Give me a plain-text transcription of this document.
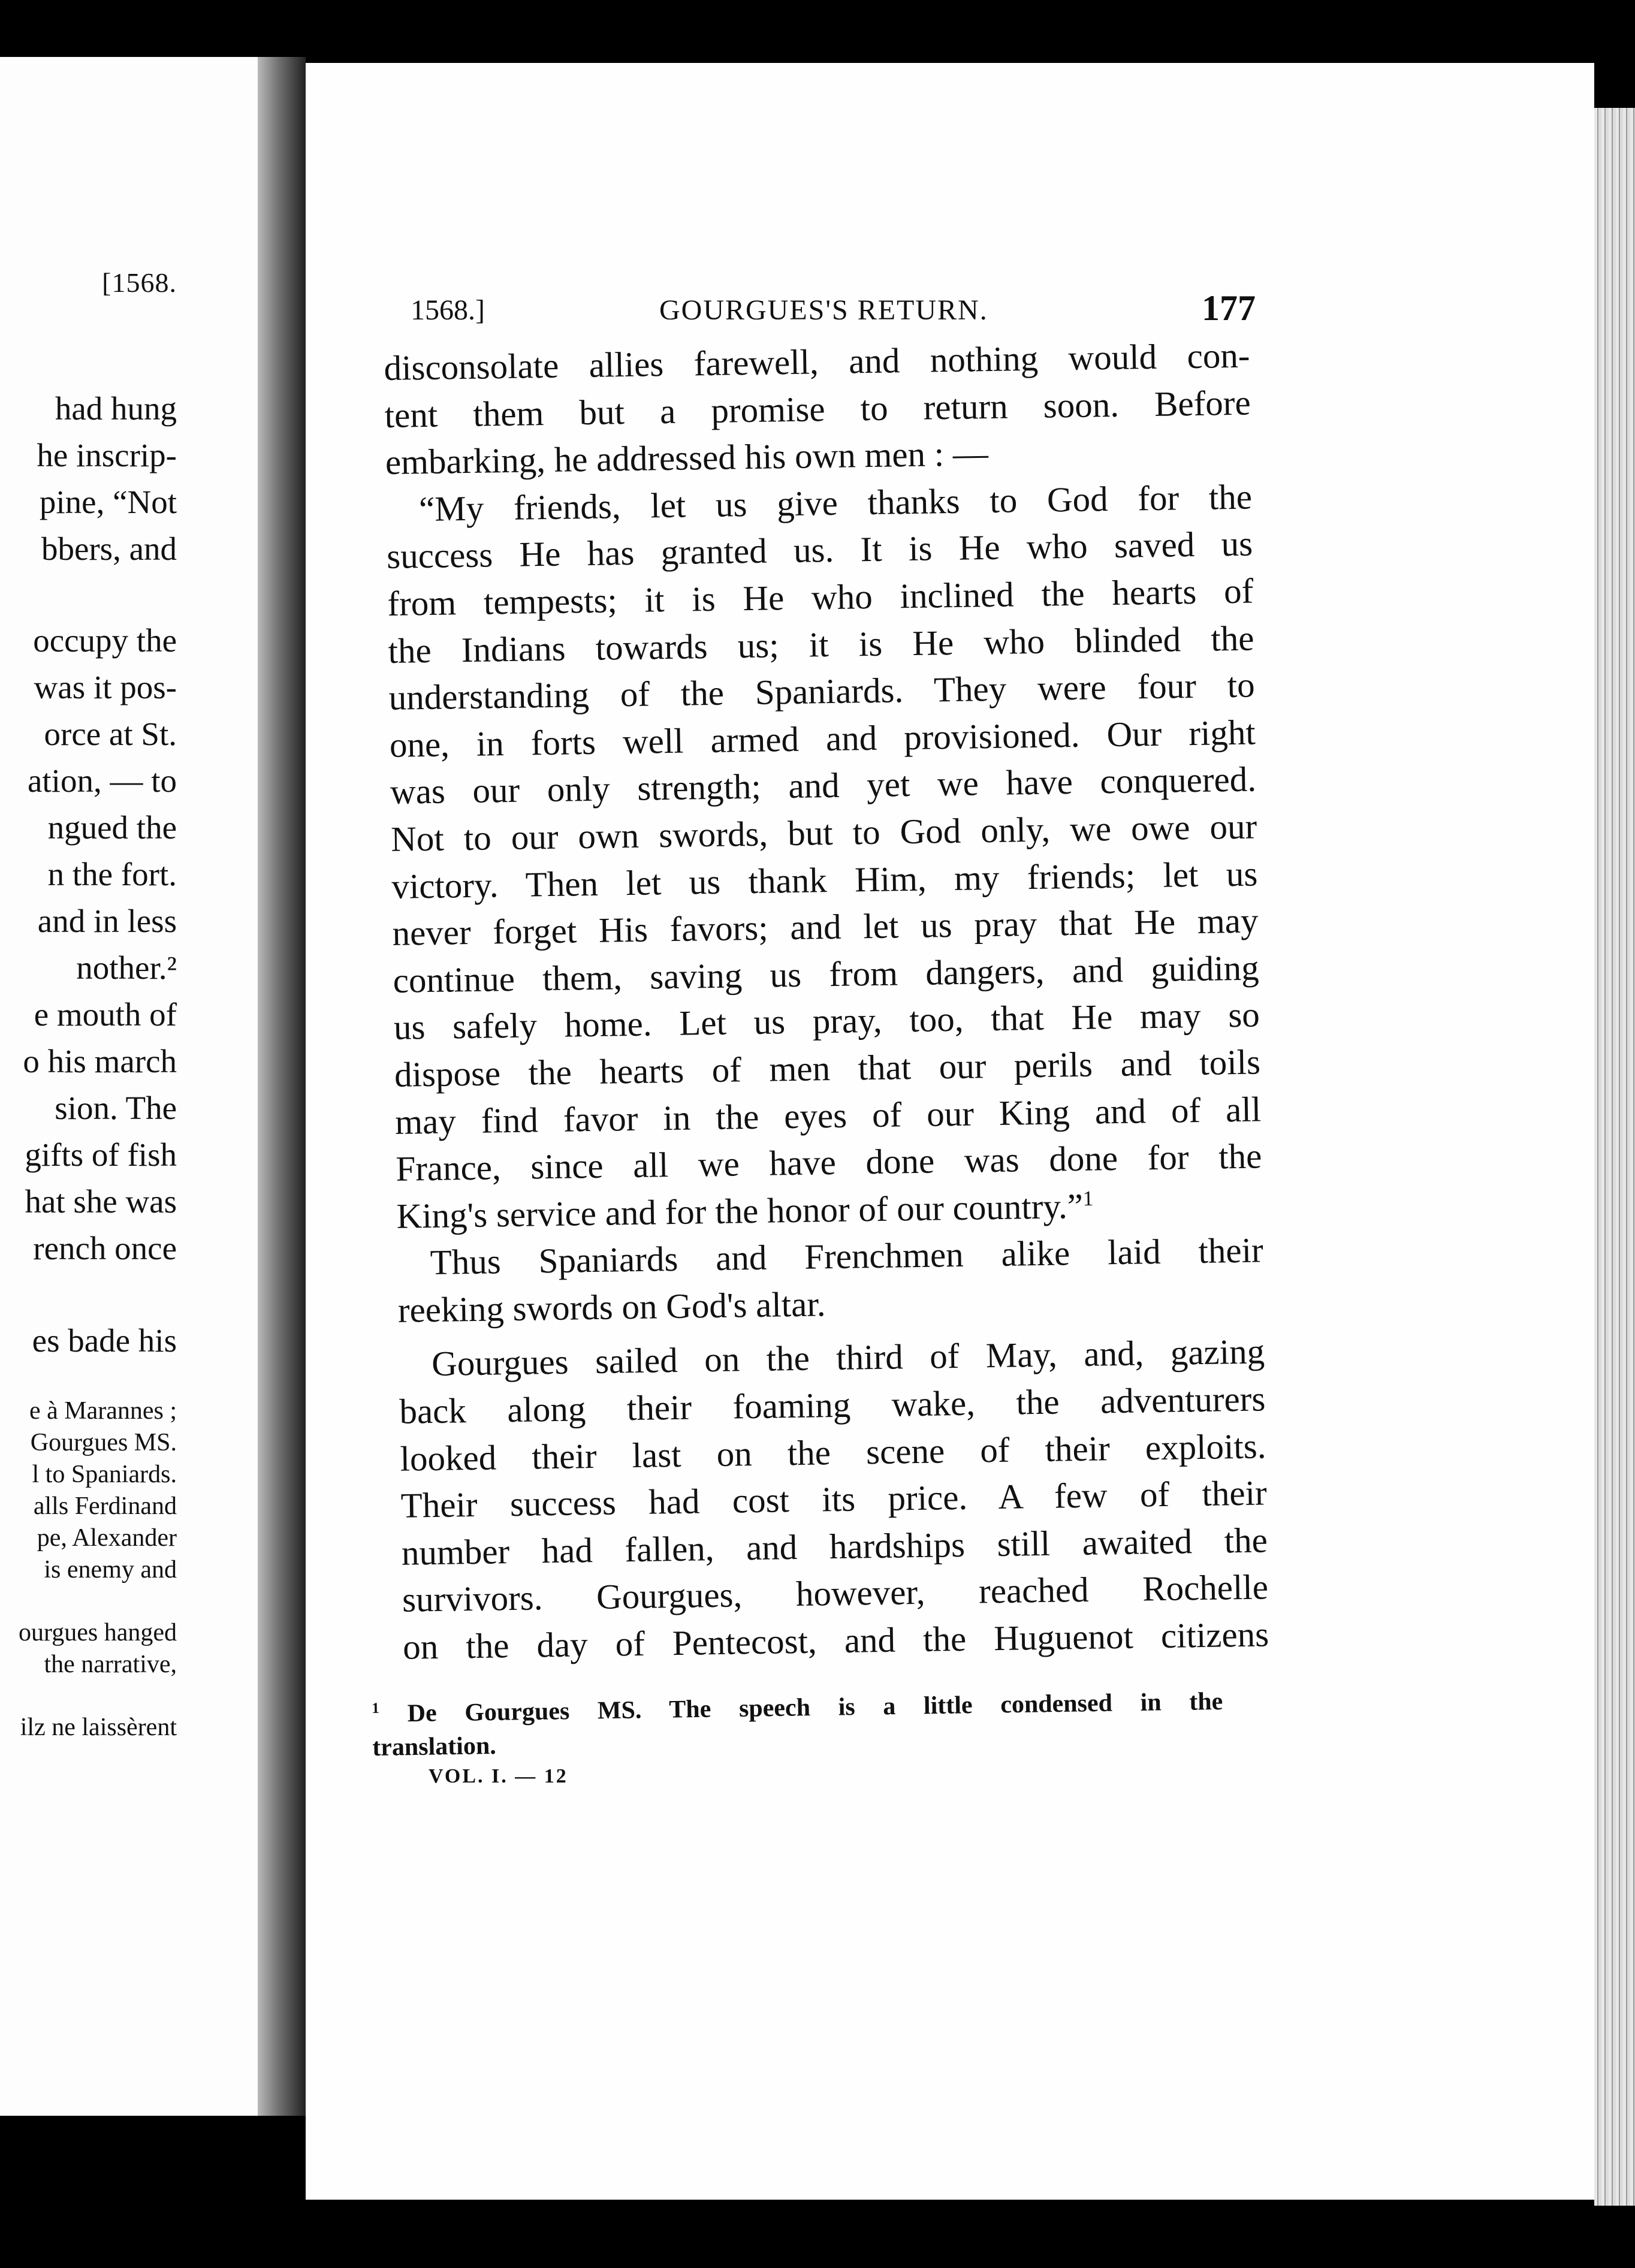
[1568.
had hung
he inscrip-
pine, “Not
bbers, and
occupy the
was it pos-
orce at St.
ation, — to
ngued the
n the fort.
and in less
nother.²
e mouth of
o his march
sion. The
gifts of fish
hat she was
rench once
es bade his
e à Marannes ;
Gourgues MS.
l to Spaniards.
alls Ferdinand
pe, Alexander
is enemy and
ourgues hanged
the narrative,
ilz ne laissèrent
1568.]	GOURGUES'S RETURN.	177
disconsolate allies farewell, and nothing would con-
tent them but a promise to return soon. Before
embarking, he addressed his own men : —
“My friends, let us give thanks to God for the
success He has granted us. It is He who saved us
from tempests; it is He who inclined the hearts of
the Indians towards us; it is He who blinded the
understanding of the Spaniards. They were four to
one, in forts well armed and provisioned. Our right
was our only strength; and yet we have conquered.
Not to our own swords, but to God only, we owe our
victory. Then let us thank Him, my friends; let us
never forget His favors; and let us pray that He may
continue them, saving us from dangers, and guiding
us safely home. Let us pray, too, that He may so
dispose the hearts of men that our perils and toils
may find favor in the eyes of our King and of all
France, since all we have done was done for the
King's service and for the honor of our country.”$^1$
Thus Spaniards and Frenchmen alike laid their
reeking swords on God's altar.
Gourgues sailed on the third of May, and, gazing
back along their foaming wake, the adventurers
looked their last on the scene of their exploits.
Their success had cost its price. A few of their
number had fallen, and hardships still awaited the
survivors. Gourgues, however, reached Rochelle
on the day of Pentecost, and the Huguenot citizens
$^1$ De Gourgues MS. The speech is a little condensed in the
translation.
VOL. I. — 12
